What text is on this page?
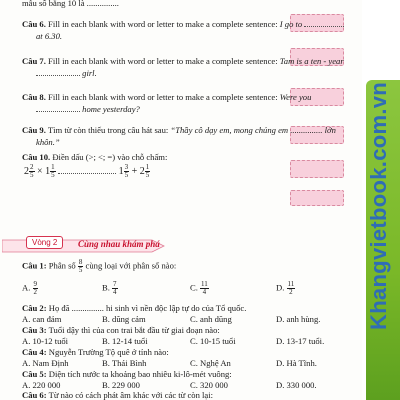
mẫu số bằng 10 là ...............
Câu 6. Fill in each blank with word or letter to make a complete sentence: I go to
at 6.30.
Câu 7. Fill in each blank with word or letter to make a complete sentence: Tam is a ten - year
girl.
Câu 8. Fill in each blank with word or letter to make a complete sentence: Were you
home yesterday?
Câu 9. Tìm từ còn thiếu trong câu hát sau: “Thầy cô dạy em, mong chúng em ............... lớn
khôn.”
Câu 10. Điền dấu (>; <; =) vào chỗ chấm:
$2 \frac{2}{5} \times 1 \frac{1}{5}$	$1 \frac{3}{5} + 2 \frac{1}{5}$
Vòng 2	Cùng nhau khám phá
Câu 1: Phân số $\frac{8}{5}$ cùng loại với phân số nào:
A. $\frac{9}{2}$	B. $\frac{7}{4}$	C. $\frac{11}{4}$	D. $\frac{11}{2}$
Câu 2: Họ đã ............... hi sinh vì nền độc lập tự do của Tổ quốc.
A. can đảm	B. dũng cảm	C. anh dũng	D. anh hùng.
Câu 3: Tuổi dậy thì của con trai bắt đầu từ giai đoạn nào:
A. 10-12 tuổi	B. 12-14 tuổi	C. 10-15 tuổi	D. 13-17 tuổi.
Câu 4: Nguyễn Trường Tộ quê ở tỉnh nào:
A. Nam Định	B. Thái Bình	C. Nghệ An	D. Hà Tĩnh.
Câu 5: Diện tích nước ta khoảng bao nhiêu ki-lô-mét vuông:
A. 220 000	B. 229 000	C. 320 000	D. 330 000.
Câu 6: Từ nào có cách phát âm khác với các từ còn lại:
Khangvietbook.com.vn
